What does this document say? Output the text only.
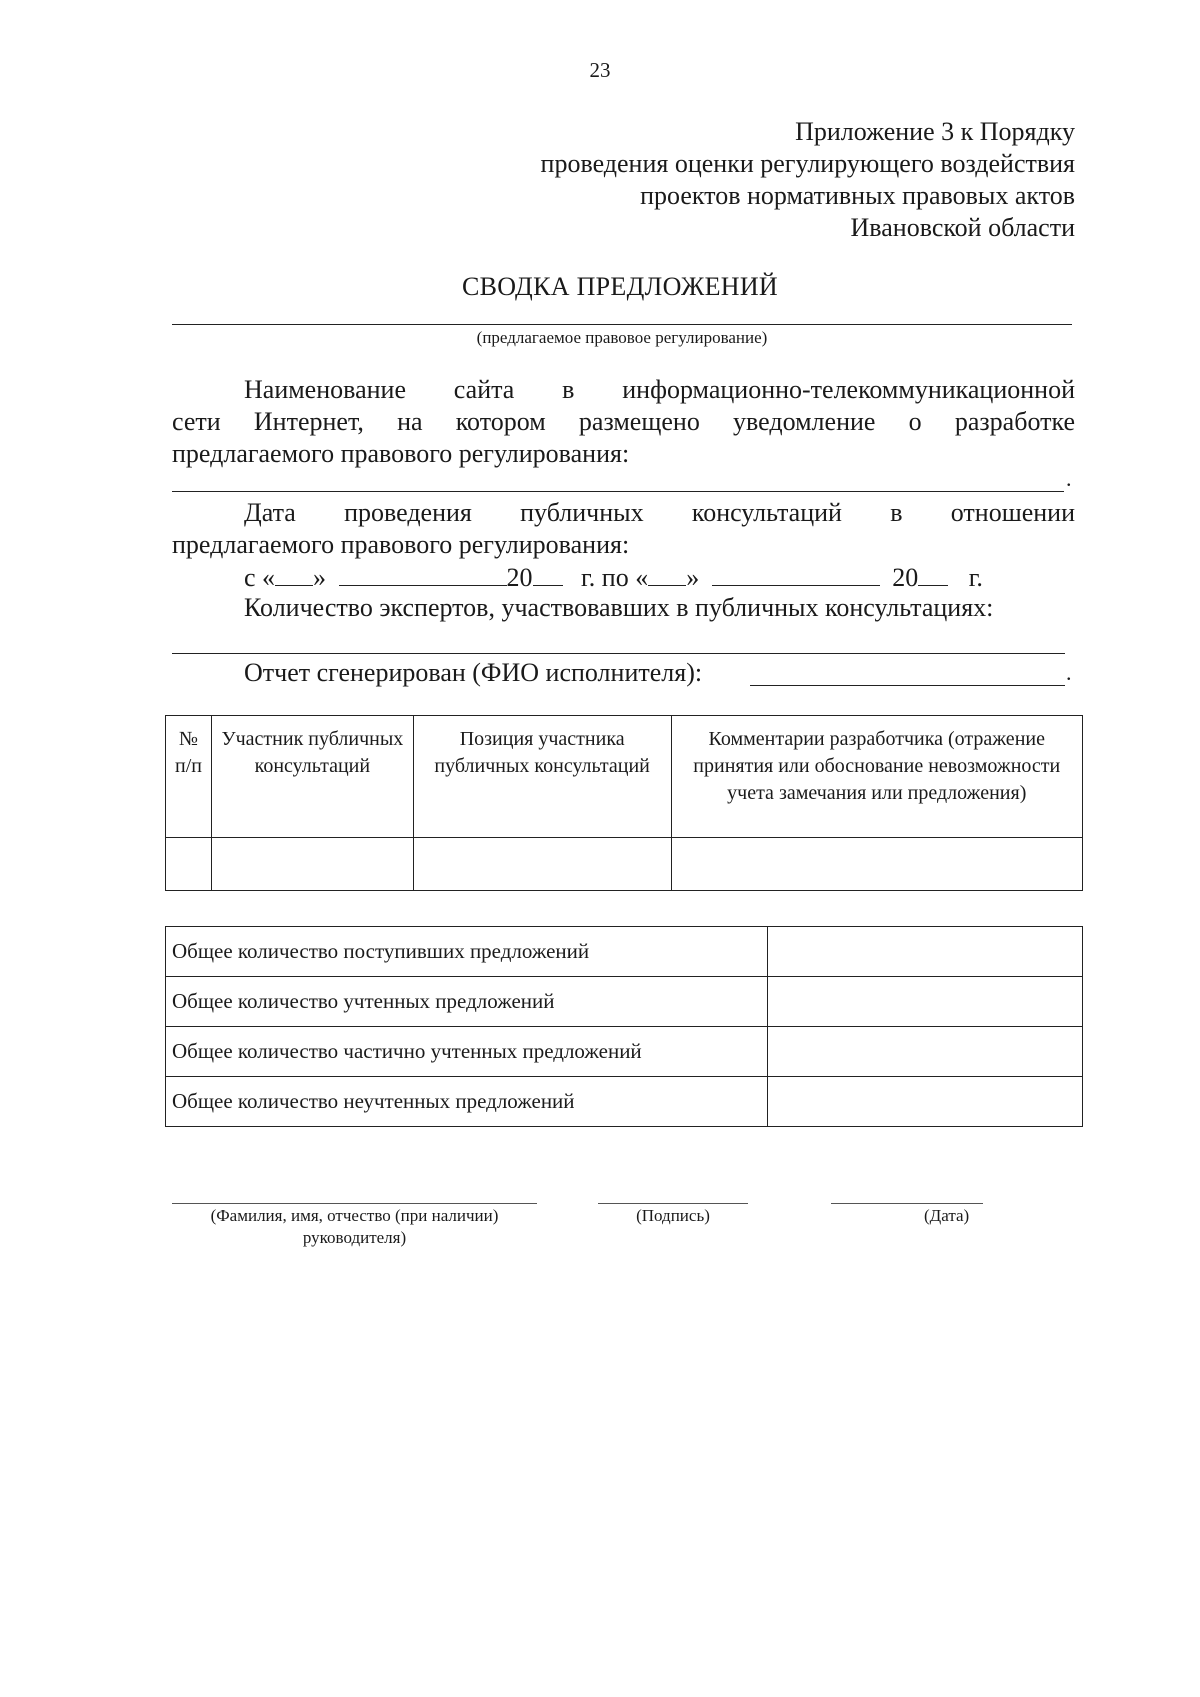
23
Приложение 3 к Порядку
проведения оценки регулирующего воздействия
проектов нормативных правовых актов
Ивановской области
СВОДКА ПРЕДЛОЖЕНИЙ
(предлагаемое правовое регулирование)
Наименование сайта в информационно-телекоммуникационной
сети Интернет, на котором размещено уведомление о разработке
предлагаемого правового регулирования:
.
Дата проведения публичных консультаций в отношении
предлагаемого правового регулирования:
с « »	20 г. по « »	20 г.
Количество экспертов, участвовавших в публичных консультациях:
Отчет сгенерирован (ФИО исполнителя):	.
№ п/п	Участник публичных консультаций	Позиция участника публичных консультаций	Комментарии разработчика (отражение принятия или обоснование невозможности учета замечания или предложения)

Общее количество поступивших предложений	
Общее количество учтенных предложений	
Общее количество частично учтенных предложений	
Общее количество неучтенных предложений	
(Фамилия, имя, отчество (при наличии)
руководителя)
(Подпись)	(Дата)
